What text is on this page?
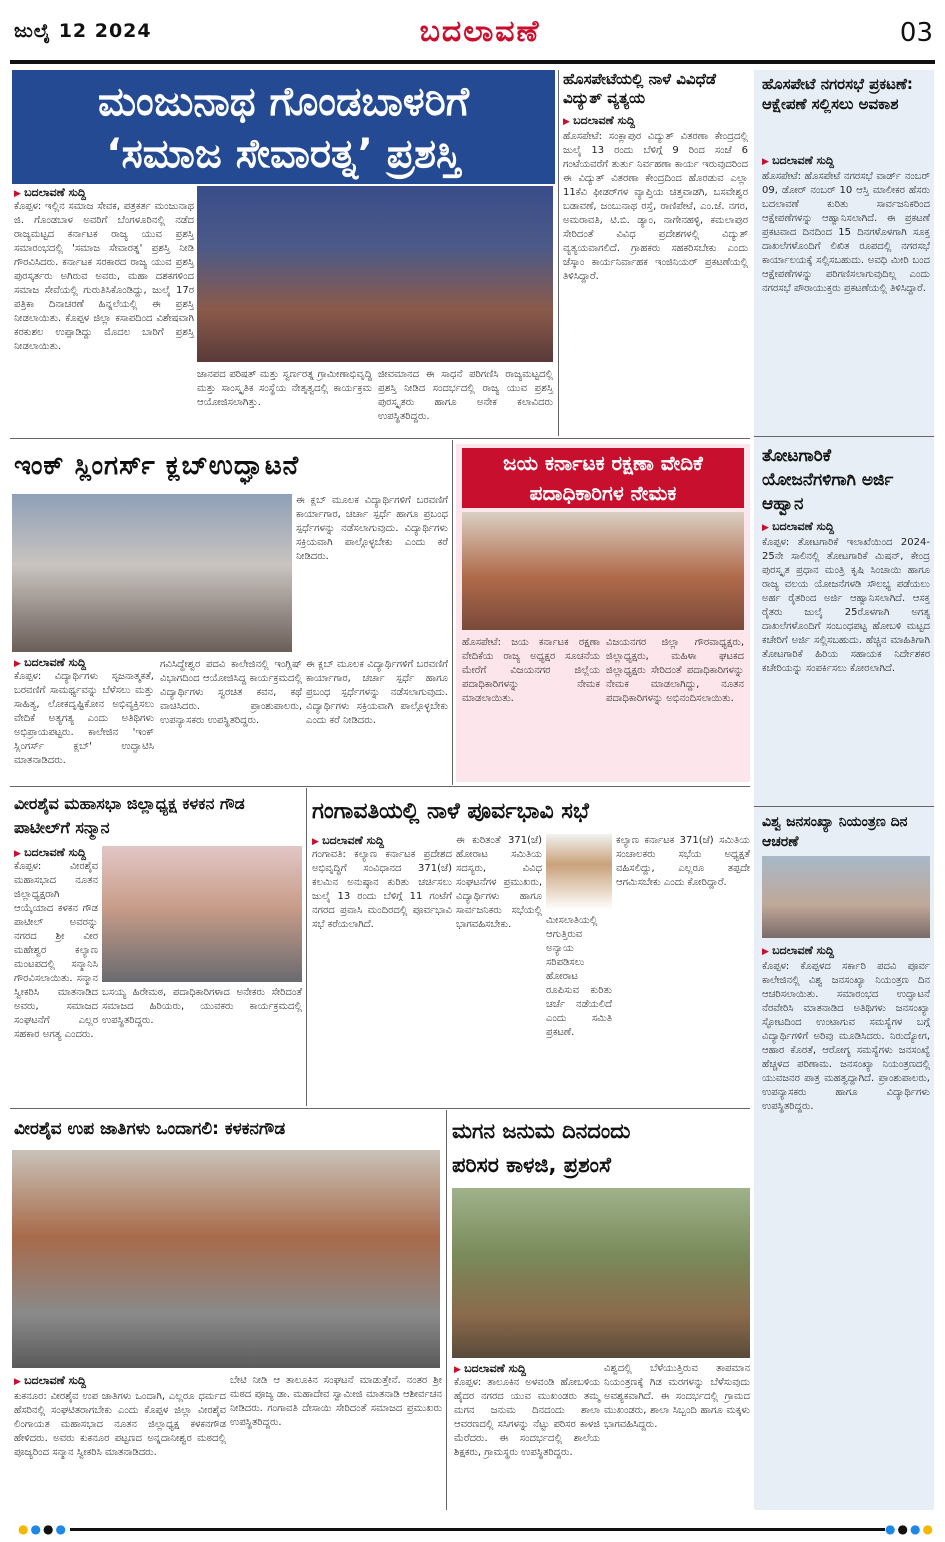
ಜುಲೈ 12 2024	ಬದಲಾವಣೆ	03
ಮಂಜುನಾಥ ಗೊಂಡಬಾಳರಿಗೆ
‘ಸಮಾಜ ಸೇವಾರತ್ನ’ ಪ್ರಶಸ್ತಿ
▶ ಬದಲಾವಣೆ ಸುದ್ದಿ
ಕೊಪ್ಪಳ: ಇಲ್ಲಿನ ಸಮಾಜ ಸೇವಕ, ಪತ್ರಕರ್ತ ಮಂಜುನಾಥ ಜಿ. ಗೊಂಡಬಾಳ ಅವರಿಗೆ ಬೆಂಗಳೂರಿನಲ್ಲಿ ನಡೆದ ರಾಜ್ಯಮಟ್ಟದ ಕರ್ನಾಟಕ ರಾಜ್ಯ ಯುವ ಪ್ರಶಸ್ತಿ ಸಮಾರಂಭದಲ್ಲಿ 'ಸಮಾಜ ಸೇವಾರತ್ನ' ಪ್ರಶಸ್ತಿ ನೀಡಿ ಗೌರವಿಸಿದರು. ಕರ್ನಾಟಕ ಸರಕಾರದ ರಾಜ್ಯ ಯುವ ಪ್ರಶಸ್ತಿ ಪುರಸ್ಕರ್ತರು ಅಗಿರುವ ಅವರು, ಮಹಾ ದಶಕಗಳಿಂದ ಸಮಾಜ ಸೇವೆಯಲ್ಲಿ ಗುರುತಿಸಿಕೊಂಡಿದ್ದು, ಜುಲೈ 17ರ ಪತ್ರಿಕಾ ದಿನಾಚರಣೆ ಹಿನ್ನಲೆಯಲ್ಲಿ ಈ ಪ್ರಶಸ್ತಿ ನೀಡಲಾಯಿತು. ಕೊಪ್ಪಳ ಜಿಲ್ಲಾ ಕಸಾಪದಿಂದ ವಿಶೇಷವಾಗಿ ಕರಕುಶಲ ಉಪ್ಪಾಡಿದ್ದು ಮೊದಲ ಬಾರಿಗೆ ಪ್ರಶಸ್ತಿ ನೀಡಲಾಯಿತು.
ಜಾನಪದ ಪರಿಷತ್ ಮತ್ತು ಸ್ವರ್ಣರತ್ನ ಗ್ರಾಮೀಣಾಭಿವೃದ್ಧಿ ಮತ್ತು ಸಾಂಸ್ಕೃತಿಕ ಸಂಸ್ಥೆಯ ನೇತೃತ್ವದಲ್ಲಿ ಕಾರ್ಯಕ್ರಮ ಆಯೋಜಿಸಲಾಗಿತ್ತು.
ಜೀವಮಾನದ ಈ ಸಾಧನೆ ಪರಿಗಣಿಸಿ ರಾಜ್ಯಮಟ್ಟದಲ್ಲಿ ಪ್ರಶಸ್ತಿ ನೀಡಿದ ಸಂದರ್ಭದಲ್ಲಿ ರಾಜ್ಯ ಯುವ ಪ್ರಶಸ್ತಿ ಪುರಸ್ಕೃತರು ಹಾಗೂ ಅನೇಕ ಕಲಾವಿದರು ಉಪಸ್ಥಿತರಿದ್ದರು.
ಹೊಸಪೇಟೆಯಲ್ಲಿ ನಾಳೆ ವಿವಿಧೆಡೆ ವಿದ್ಯುತ್ ವ್ಯತ್ಯಯ
▶ ಬದಲಾವಣೆ ಸುದ್ದಿ
ಹೊಸಪೇಟೆ: ಸಂಕ್ಲಾಪುರ ವಿದ್ಯುತ್ ವಿತರಣಾ ಕೇಂದ್ರದಲ್ಲಿ ಜುಲೈ 13 ರಂದು ಬೆಳಿಗ್ಗೆ 9 ರಿಂದ ಸಂಜೆ 6 ಗಂಟೆಯವರೆಗೆ ತುರ್ತು ನಿರ್ವಹಣಾ ಕಾರ್ಯ ಇರುವುದರಿಂದ ಈ ವಿದ್ಯುತ್ ವಿತರಣಾ ಕೇಂದ್ರದಿಂದ ಹೊರಡುವ ಎಲ್ಲಾ 11ಕೆವಿ ಫೀಡರ್‌ಗಳ ವ್ಯಾಪ್ತಿಯ ಚಿತ್ತವಾಡಗಿ, ಬಸವೇಶ್ವರ ಬಡಾವಣೆ, ಜಂಬುನಾಥ ರಸ್ತೆ, ರಾಣಿಪೇಟೆ, ಎಂ.ಜೆ. ನಗರ, ಅಮರಾವತಿ, ಟಿ.ಬಿ. ಡ್ಯಾಂ, ನಾಗೇನಹಳ್ಳಿ, ಕಮಲಾಪುರ ಸೇರಿದಂತೆ ವಿವಿಧ ಪ್ರದೇಶಗಳಲ್ಲಿ ವಿದ್ಯುತ್ ವ್ಯತ್ಯಯವಾಗಲಿದೆ. ಗ್ರಾಹಕರು ಸಹಕರಿಸಬೇಕು ಎಂದು ಜೆಸ್ಕಾಂ ಕಾರ್ಯನಿರ್ವಾಹಕ ಇಂಜಿನಿಯರ್ ಪ್ರಕಟಣೆಯಲ್ಲಿ ತಿಳಿಸಿದ್ದಾರೆ.
ಹೊಸಪೇಟೆ ನಗರಸಭೆ ಪ್ರಕಟಣೆ: ಆಕ್ಷೇಪಣೆ ಸಲ್ಲಿಸಲು ಅವಕಾಶ
▶ ಬದಲಾವಣೆ ಸುದ್ದಿ
ಹೊಸಪೇಟೆ: ಹೊಸಪೇಟೆ ನಗರಸಭೆ ವಾರ್ಡ್ ನಂಬರ್ 09, ಡೋರ್ ನಂಬರ್ 10 ಆಸ್ತಿ ಮಾಲೀಕರ ಹೆಸರು ಬದಲಾವಣೆ ಕುರಿತು ಸಾರ್ವಜನಿಕರಿಂದ ಆಕ್ಷೇಪಣೆಗಳನ್ನು ಆಹ್ವಾನಿಸಲಾಗಿದೆ. ಈ ಪ್ರಕಟಣೆ ಪ್ರಕಟವಾದ ದಿನದಿಂದ 15 ದಿನಗಳೊಳಗಾಗಿ ಸೂಕ್ತ ದಾಖಲೆಗಳೊಂದಿಗೆ ಲಿಖಿತ ರೂಪದಲ್ಲಿ ನಗರಸಭೆ ಕಾರ್ಯಾಲಯಕ್ಕೆ ಸಲ್ಲಿಸಬಹುದು. ಅವಧಿ ಮೀರಿ ಬಂದ ಆಕ್ಷೇಪಣೆಗಳನ್ನು ಪರಿಗಣಿಸಲಾಗುವುದಿಲ್ಲ ಎಂದು ನಗರಸಭೆ ಪೌರಾಯುಕ್ತರು ಪ್ರಕಟಣೆಯಲ್ಲಿ ತಿಳಿಸಿದ್ದಾರೆ.
ಇಂಕ್ ಸ್ಲಿಂಗರ್ಸ್ ಕ್ಲಬ್‌ಉದ್ಘಾಟನೆ
ಈ ಕ್ಲಬ್ ಮೂಲಕ ವಿದ್ಯಾರ್ಥಿಗಳಿಗೆ ಬರವಣಿಗೆ ಕಾರ್ಯಾಗಾರ, ಚರ್ಚಾ ಸ್ಪರ್ಧೆ ಹಾಗೂ ಪ್ರಬಂಧ ಸ್ಪರ್ಧೆಗಳನ್ನು ನಡೆಸಲಾಗುವುದು. ವಿದ್ಯಾರ್ಥಿಗಳು ಸಕ್ರಿಯವಾಗಿ ಪಾಲ್ಗೊಳ್ಳಬೇಕು ಎಂದು ಕರೆ ನೀಡಿದರು.
▶ ಬದಲಾವಣೆ ಸುದ್ದಿ
ಕೊಪ್ಪಳ: ವಿದ್ಯಾರ್ಥಿಗಳು ಸೃಜನಾತ್ಮಕತೆ, ಬರವಣಿಗೆ ಸಾಮರ್ಥ್ಯವನ್ನು ಬೆಳೆಸಲು ಮತ್ತು ಸಾಹಿತ್ಯ, ಲೋಕದೃಷ್ಟಿಕೋನ ಅಭಿವ್ಯಕ್ತಿಸಲು ವೇದಿಕೆ ಅತ್ಯಗತ್ಯ ಎಂದು ಅತಿಥಿಗಳು ಅಭಿಪ್ರಾಯಪಟ್ಟರು. ಕಾಲೇಜಿನ 'ಇಂಕ್ ಸ್ಲಿಂಗರ್ಸ್ ಕ್ಲಬ್' ಉದ್ಘಾಟಿಸಿ ಮಾತನಾಡಿದರು.
ಗವಿಸಿದ್ಧೇಶ್ವರ ಪದವಿ ಕಾಲೇಜಿನಲ್ಲಿ ಇಂಗ್ಲಿಷ್ ವಿಭಾಗದಿಂದ ಆಯೋಜಿಸಿದ್ದ ಕಾರ್ಯಕ್ರಮದಲ್ಲಿ ವಿದ್ಯಾರ್ಥಿಗಳು ಸ್ವರಚಿತ ಕವನ, ಕಥೆ ವಾಚಿಸಿದರು. ಪ್ರಾಂಶುಪಾಲರು, ಉಪನ್ಯಾಸಕರು ಉಪಸ್ಥಿತರಿದ್ದರು.
ಈ ಕ್ಲಬ್ ಮೂಲಕ ವಿದ್ಯಾರ್ಥಿಗಳಿಗೆ ಬರವಣಿಗೆ ಕಾರ್ಯಾಗಾರ, ಚರ್ಚಾ ಸ್ಪರ್ಧೆ ಹಾಗೂ ಪ್ರಬಂಧ ಸ್ಪರ್ಧೆಗಳನ್ನು ನಡೆಸಲಾಗುವುದು. ವಿದ್ಯಾರ್ಥಿಗಳು ಸಕ್ರಿಯವಾಗಿ ಪಾಲ್ಗೊಳ್ಳಬೇಕು ಎಂದು ಕರೆ ನೀಡಿದರು.
ಜಯ ಕರ್ನಾಟಕ ರಕ್ಷಣಾ ವೇದಿಕೆ
ಪದಾಧಿಕಾರಿಗಳ ನೇಮಕ
ಹೊಸಪೇಟೆ: ಜಯ ಕರ್ನಾಟಕ ರಕ್ಷಣಾ ವೇದಿಕೆಯ ರಾಜ್ಯ ಅಧ್ಯಕ್ಷರ ಸೂಚನೆಯ ಮೇರೆಗೆ ವಿಜಯನಗರ ಜಿಲ್ಲೆಯ ಪದಾಧಿಕಾರಿಗಳನ್ನು ನೇಮಕ ಮಾಡಲಾಯಿತು.
ವಿಜಯನಗರ ಜಿಲ್ಲಾ ಗೌರವಾಧ್ಯಕ್ಷರು, ಜಿಲ್ಲಾಧ್ಯಕ್ಷರು, ಮಹಿಳಾ ಘಟಕದ ಜಿಲ್ಲಾಧ್ಯಕ್ಷರು ಸೇರಿದಂತೆ ಪದಾಧಿಕಾರಿಗಳನ್ನು ನೇಮಕ ಮಾಡಲಾಗಿದ್ದು, ನೂತನ ಪದಾಧಿಕಾರಿಗಳನ್ನು ಅಭಿನಂದಿಸಲಾಯಿತು.
ತೋಟಗಾರಿಕೆ ಯೋಜನೆಗಳಿಗಾಗಿ ಅರ್ಜಿ ಆಹ್ವಾನ
▶ ಬದಲಾವಣೆ ಸುದ್ದಿ
ಕೊಪ್ಪಳ: ತೋಟಗಾರಿಕೆ ಇಲಾಖೆಯಿಂದ 2024-25ನೇ ಸಾಲಿನಲ್ಲಿ ತೋಟಗಾರಿಕೆ ಮಿಷನ್, ಕೇಂದ್ರ ಪುರಸ್ಕೃತ ಪ್ರಧಾನ ಮಂತ್ರಿ ಕೃಷಿ ಸಿಂಚಾಯಿ ಹಾಗೂ ರಾಜ್ಯ ವಲಯ ಯೋಜನೆಗಳಡಿ ಸೌಲಭ್ಯ ಪಡೆಯಲು ಅರ್ಹ ರೈತರಿಂದ ಅರ್ಜಿ ಆಹ್ವಾನಿಸಲಾಗಿದೆ. ಆಸಕ್ತ ರೈತರು ಜುಲೈ 25ರೊಳಗಾಗಿ ಅಗತ್ಯ ದಾಖಲೆಗಳೊಂದಿಗೆ ಸಂಬಂಧಪಟ್ಟ ಹೋಬಳಿ ಮಟ್ಟದ ಕಚೇರಿಗೆ ಅರ್ಜಿ ಸಲ್ಲಿಸಬಹುದು. ಹೆಚ್ಚಿನ ಮಾಹಿತಿಗಾಗಿ ತೋಟಗಾರಿಕೆ ಹಿರಿಯ ಸಹಾಯಕ ನಿರ್ದೇಶಕರ ಕಚೇರಿಯನ್ನು ಸಂಪರ್ಕಿಸಲು ಕೋರಲಾಗಿದೆ.
ವೀರಶೈವ ಮಹಾಸಭಾ ಜಿಲ್ಲಾಧ್ಯಕ್ಷ ಕಳಕನ ಗೌಡ ಪಾಟೀಲ್‌ಗೆ ಸನ್ಮಾನ
▶ ಬದಲಾವಣೆ ಸುದ್ದಿ
ಕೊಪ್ಪಳ: ವೀರಶೈವ ಮಹಾಸಭಾದ ನೂತನ ಜಿಲ್ಲಾಧ್ಯಕ್ಷರಾಗಿ ಆಯ್ಕೆಯಾದ ಕಳಕನ ಗೌಡ ಪಾಟೀಲ್ ಅವರನ್ನು ನಗರದ ಶ್ರೀ ವೀರ ಮಹೇಶ್ವರ ಕಲ್ಯಾಣ ಮಂಟಪದಲ್ಲಿ ಸನ್ಮಾನಿಸಿ ಗೌರವಿಸಲಾಯಿತು. ಸನ್ಮಾನ ಸ್ವೀಕರಿಸಿ ಮಾತನಾಡಿದ ಅವರು, ಸಮಾಜದ ಸಂಘಟನೆಗೆ ಎಲ್ಲರ ಸಹಕಾರ ಅಗತ್ಯ ಎಂದರು.
ಬಸಯ್ಯ ಹಿರೇಮಠ, ಪದಾಧಿಕಾರಿಗಳಾದ ಅನೇಕರು ಸೇರಿದಂತೆ ಸಮಾಜದ ಹಿರಿಯರು, ಯುವಕರು ಕಾರ್ಯಕ್ರಮದಲ್ಲಿ ಉಪಸ್ಥಿತರಿದ್ದರು.
ಗಂಗಾವತಿಯಲ್ಲಿ ನಾಳೆ ಪೂರ್ವಭಾವಿ ಸಭೆ
▶ ಬದಲಾವಣೆ ಸುದ್ದಿ
ಗಂಗಾವತಿ: ಕಲ್ಯಾಣ ಕರ್ನಾಟಕ ಪ್ರದೇಶದ ಅಭಿವೃದ್ಧಿಗೆ ಸಂವಿಧಾನದ 371(ಜೆ) ಕಲಮಿನ ಅನುಷ್ಠಾನ ಕುರಿತು ಚರ್ಚಿಸಲು ಜುಲೈ 13 ರಂದು ಬೆಳಿಗ್ಗೆ 11 ಗಂಟೆಗೆ ನಗರದ ಪ್ರವಾಸಿ ಮಂದಿರದಲ್ಲಿ ಪೂರ್ವಭಾವಿ ಸಭೆ ಕರೆಯಲಾಗಿದೆ.
ಈ ಕುರಿತಂತೆ 371(ಜೆ) ಹೋರಾಟ ಸಮಿತಿಯ ಸದಸ್ಯರು, ವಿವಿಧ ಸಂಘಟನೆಗಳ ಪ್ರಮುಖರು, ವಿದ್ಯಾರ್ಥಿಗಳು ಹಾಗೂ ಸಾರ್ವಜನಿಕರು ಸಭೆಯಲ್ಲಿ ಭಾಗವಹಿಸಬೇಕು.	ಮೀಸಲಾತಿಯಲ್ಲಿ ಆಗುತ್ತಿರುವ ಅನ್ಯಾಯ ಸರಿಪಡಿಸಲು ಹೋರಾಟ ರೂಪಿಸುವ ಕುರಿತು ಚರ್ಚೆ ನಡೆಯಲಿದೆ ಎಂದು ಸಮಿತಿ ಪ್ರಕಟಣೆ.
ಕಲ್ಯಾಣ ಕರ್ನಾಟಕ 371(ಜೆ) ಸಮಿತಿಯ ಸಂಚಾಲಕರು ಸಭೆಯ ಅಧ್ಯಕ್ಷತೆ ವಹಿಸಲಿದ್ದು, ಎಲ್ಲರೂ ತಪ್ಪದೇ ಆಗಮಿಸಬೇಕು ಎಂದು ಕೋರಿದ್ದಾರೆ.
ವಿಶ್ವ ಜನಸಂಖ್ಯಾ ನಿಯಂತ್ರಣ ದಿನ ಆಚರಣೆ
▶ ಬದಲಾವಣೆ ಸುದ್ದಿ
ಕೊಪ್ಪಳ: ಕೊಪ್ಪಳದ ಸರ್ಕಾರಿ ಪದವಿ ಪೂರ್ವ ಕಾಲೇಜಿನಲ್ಲಿ ವಿಶ್ವ ಜನಸಂಖ್ಯಾ ನಿಯಂತ್ರಣ ದಿನ ಆಚರಿಸಲಾಯಿತು. ಸಮಾರಂಭದ ಉದ್ಘಾಟನೆ ನೆರವೇರಿಸಿ ಮಾತನಾಡಿದ ಅತಿಥಿಗಳು ಜನಸಂಖ್ಯಾ ಸ್ಫೋಟದಿಂದ ಉಂಟಾಗುವ ಸಮಸ್ಯೆಗಳ ಬಗ್ಗೆ ವಿದ್ಯಾರ್ಥಿಗಳಿಗೆ ಅರಿವು ಮೂಡಿಸಿದರು. ನಿರುದ್ಯೋಗ, ಆಹಾರ ಕೊರತೆ, ಆರೋಗ್ಯ ಸಮಸ್ಯೆಗಳು ಜನಸಂಖ್ಯೆ ಹೆಚ್ಚಳದ ಪರಿಣಾಮ. ಜನಸಂಖ್ಯಾ ನಿಯಂತ್ರಣದಲ್ಲಿ ಯುವಜನರ ಪಾತ್ರ ಮಹತ್ವದ್ದಾಗಿದೆ. ಪ್ರಾಂಶುಪಾಲರು, ಉಪನ್ಯಾಸಕರು ಹಾಗೂ ವಿದ್ಯಾರ್ಥಿಗಳು ಉಪಸ್ಥಿತರಿದ್ದರು.
ವೀರಶೈವ ಉಪ ಜಾತಿಗಳು ಒಂದಾಗಲಿ: ಕಳಕನಗೌಡ
▶ ಬದಲಾವಣೆ ಸುದ್ದಿ
ಕುಕನೂರ: ವೀರಶೈವ ಉಪ ಜಾತಿಗಳು ಒಂದಾಗಿ, ಎಲ್ಲರೂ ಧರ್ಮದ ಹೆಸರಿನಲ್ಲಿ ಸಂಘಟಿತರಾಗಬೇಕು ಎಂದು ಕೊಪ್ಪಳ ಜಿಲ್ಲಾ ವೀರಶೈವ ಲಿಂಗಾಯತ ಮಹಾಸಭಾದ ನೂತನ ಜಿಲ್ಲಾಧ್ಯಕ್ಷ ಕಳಕನಗೌಡ ಹೇಳಿದರು. ಅವರು ಕುಕನೂರ ಪಟ್ಟಣದ ಅನ್ನದಾನೀಶ್ವರ ಮಠದಲ್ಲಿ ಪೂಜ್ಯರಿಂದ ಸನ್ಮಾನ ಸ್ವೀಕರಿಸಿ ಮಾತನಾಡಿದರು.
ಬೇಟಿ ನೀಡಿ ಆ ತಾಲೂಕಿನ ಸಂಘಟನೆ ಮಾಡುತ್ತೇನೆ. ನಂತರ ಶ್ರೀ ಮಠದ ಪೂಜ್ಯ ಡಾ. ಮಹಾದೇವ ಸ್ವಾಮೀಜಿ ಮಾತನಾಡಿ ಆಶೀರ್ವಚನ ನೀಡಿದರು. ಗಂಗಾವತಿ ದೇಸಾಯಿ ಸೇರಿದಂತೆ ಸಮಾಜದ ಪ್ರಮುಖರು ಉಪಸ್ಥಿತರಿದ್ದರು.
ಮಗನ ಜನುಮ ದಿನದಂದು
ಪರಿಸರ ಕಾಳಜಿ, ಪ್ರಶಂಸೆ
▶ ಬದಲಾವಣೆ ಸುದ್ದಿ
ಕೊಪ್ಪಳ: ತಾಲೂಕಿನ ಅಳವಂಡಿ ಹೋಬಳಿಯ ಹೈದರ ನಗರದ ಯುವ ಮುಖಂಡರು ತಮ್ಮ ಮಗನ ಜನುಮ ದಿನದಂದು ಶಾಲಾ ಆವರಣದಲ್ಲಿ ಸಸಿಗಳನ್ನು ನೆಟ್ಟು ಪರಿಸರ ಕಾಳಜಿ ಮೆರೆದರು. ಈ ಸಂದರ್ಭದಲ್ಲಿ ಶಾಲೆಯ ಶಿಕ್ಷಕರು, ಗ್ರಾಮಸ್ಥರು ಉಪಸ್ಥಿತರಿದ್ದರು.
ವಿಶ್ವದಲ್ಲಿ ಬೆಳೆಯುತ್ತಿರುವ ತಾಪಮಾನ ನಿಯಂತ್ರಣಕ್ಕೆ ಗಿಡ ಮರಗಳನ್ನು ಬೆಳೆಸುವುದು ಅವಶ್ಯಕವಾಗಿದೆ. ಈ ಸಂದರ್ಭದಲ್ಲಿ ಗ್ರಾಮದ ಮುಖಂಡರು, ಶಾಲಾ ಸಿಬ್ಬಂದಿ ಹಾಗೂ ಮಕ್ಕಳು ಭಾಗವಹಿಸಿದ್ದರು.
●●●●	●●●●
